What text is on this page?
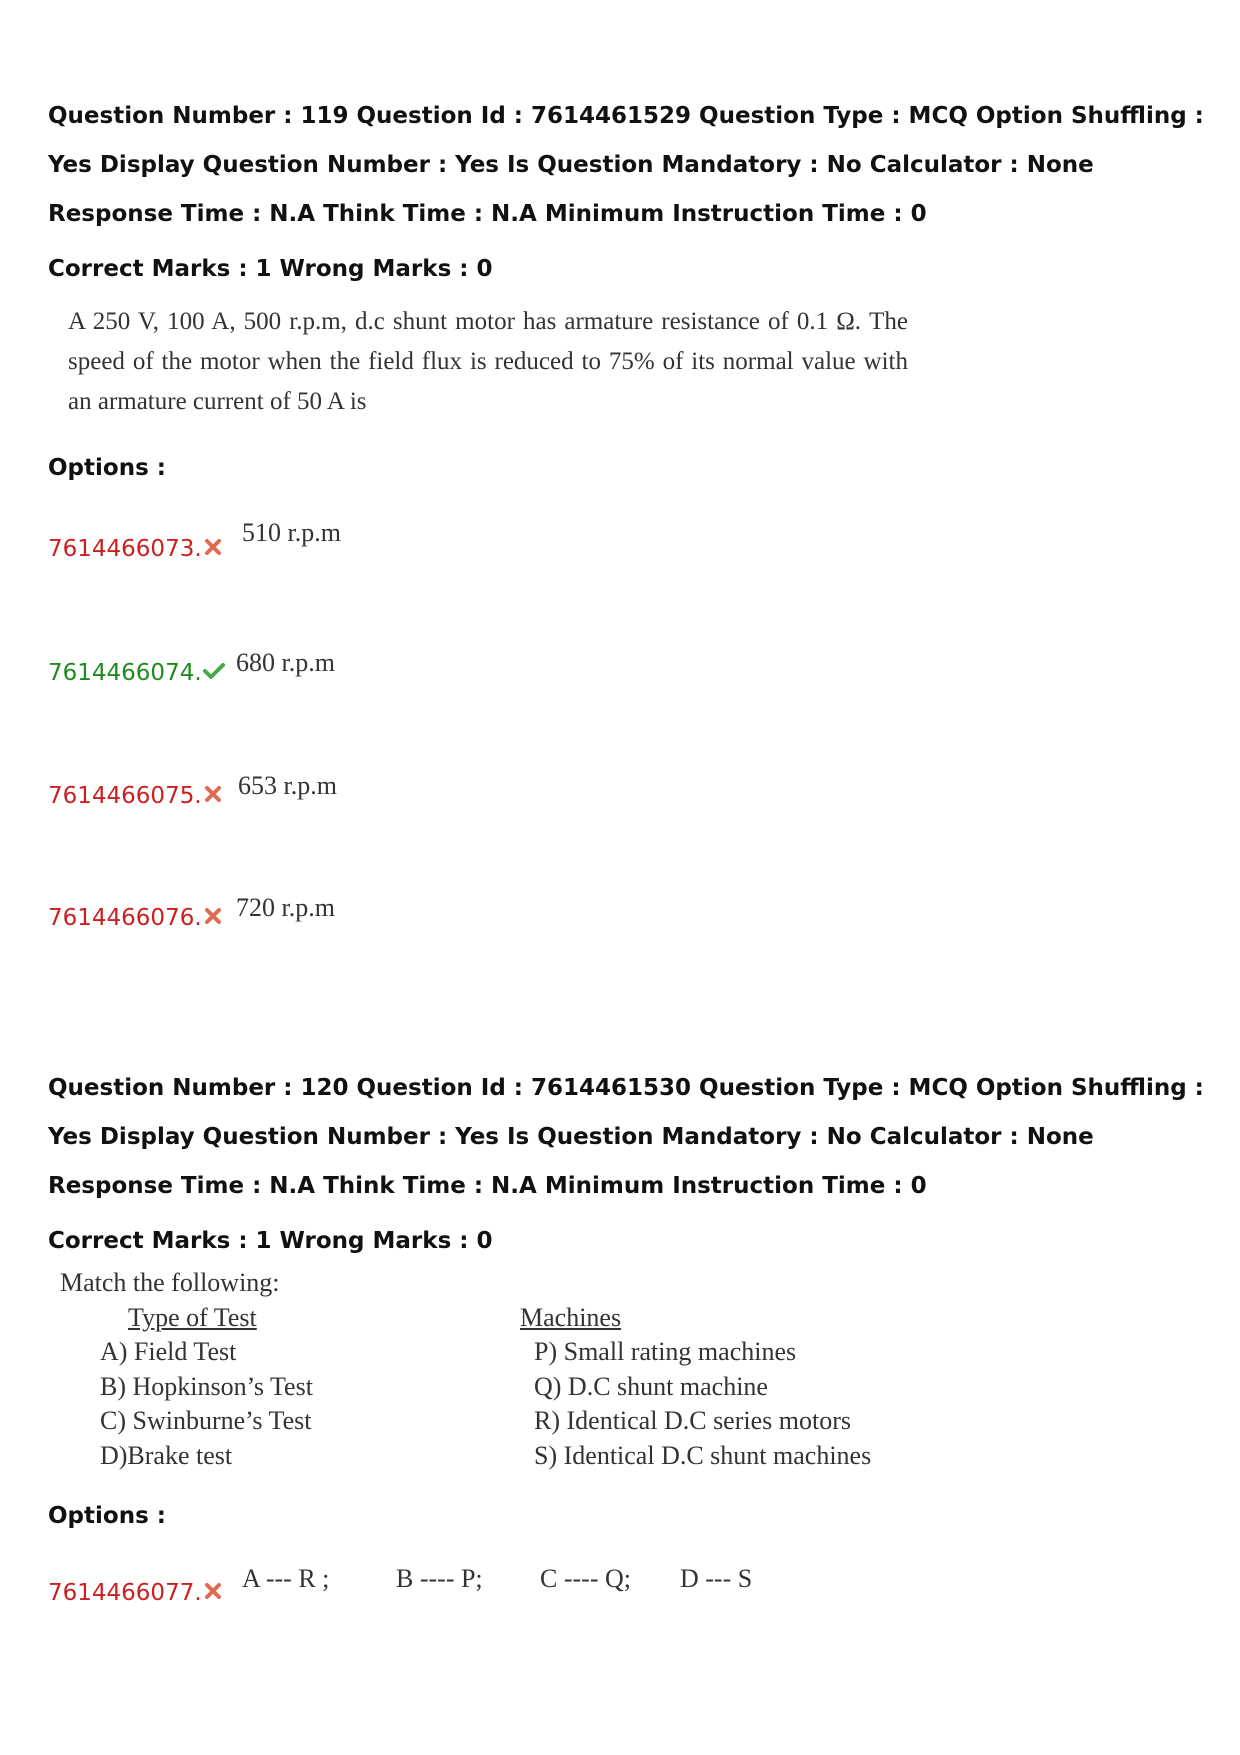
Question Number : 119 Question Id : 7614461529 Question Type : MCQ Option Shuffling : Yes Display Question Number : Yes Is Question Mandatory : No Calculator : None Response Time : N.A Think Time : N.A Minimum Instruction Time : 0
Correct Marks : 1 Wrong Marks : 0
A 250 V, 100 A, 500 r.p.m, d.c shunt motor has armature resistance of 0.1 Ω. The speed of the motor when the field flux is reduced to 75% of its normal value with an armature current of 50 A is
Options :
7614466073.
510 r.p.m
7614466074. 680 r.p.m
7614466075. 653 r.p.m
7614466076. 720 r.p.m
Question Number : 120 Question Id : 7614461530 Question Type : MCQ Option Shuffling : Yes Display Question Number : Yes Is Question Mandatory : No Calculator : None Response Time : N.A Think Time : N.A Minimum Instruction Time : 0
Correct Marks : 1 Wrong Marks : 0
Match the following:
Type of Test	Machines
A) Field Test
B) Hopkinson’s Test
C) Swinburne’s Test
D)Brake test
P) Small rating machines
Q) D.C shunt machine
R) Identical D.C series motors
S) Identical D.C shunt machines
Options :
7614466077. A --- R ;	B ---- P; C ---- Q; D --- S
